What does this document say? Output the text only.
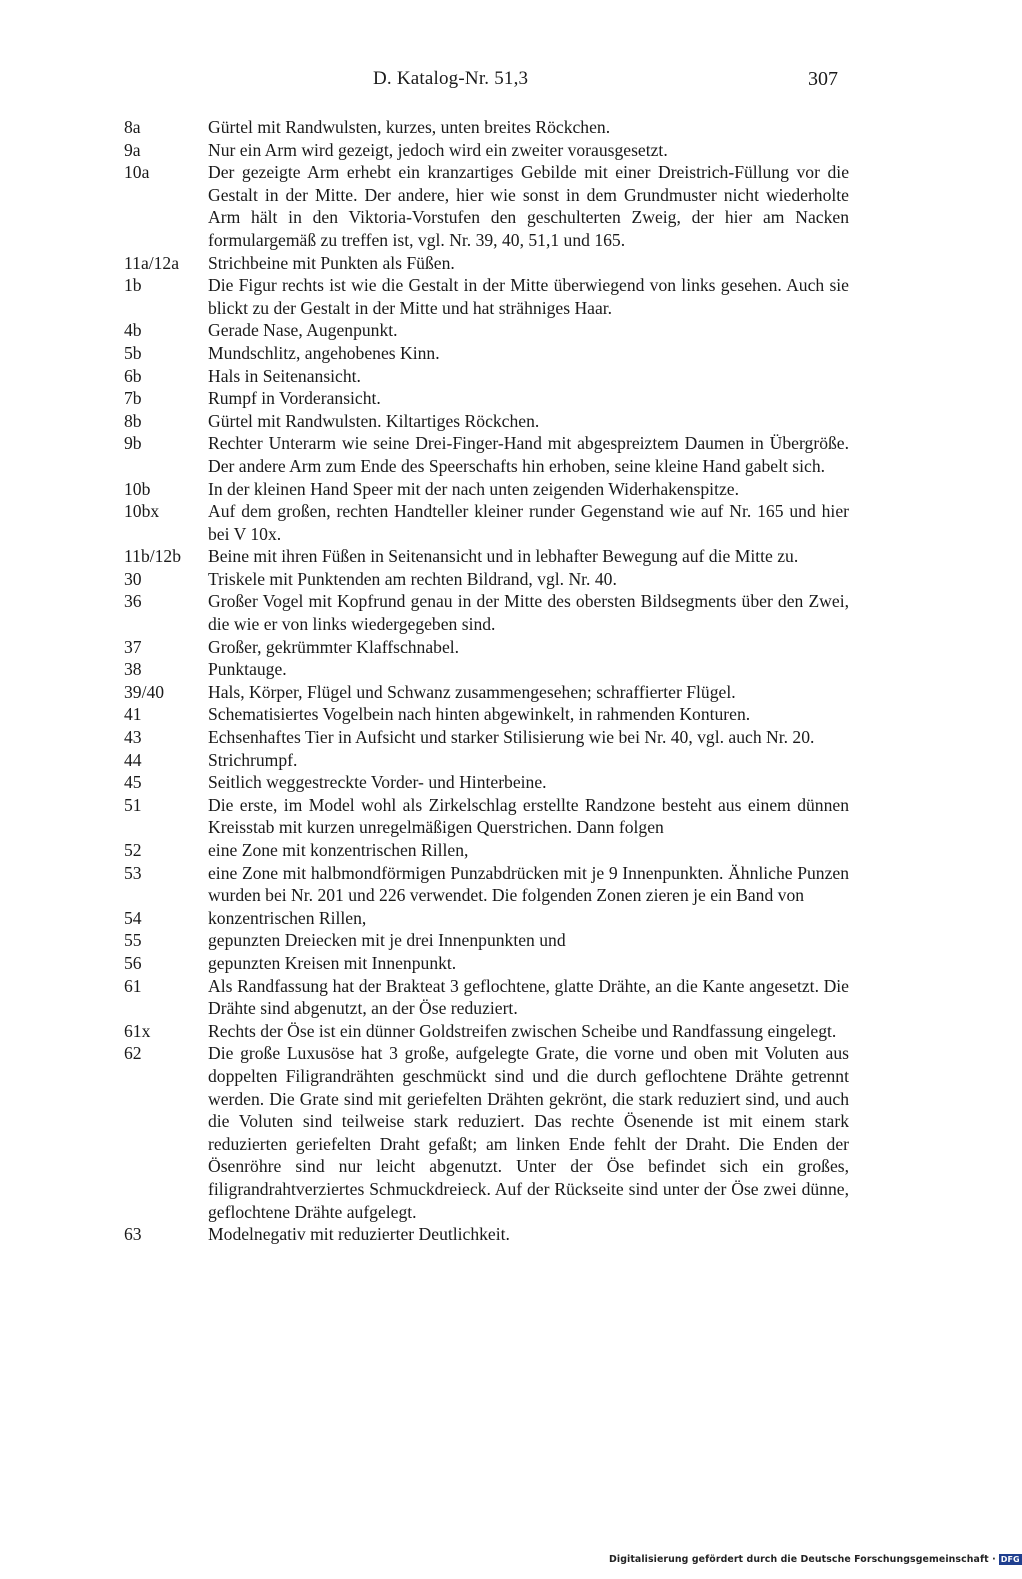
D. Katalog-Nr. 51,3	307
8a	Gürtel mit Randwulsten, kurzes, unten breites Röckchen.
9a	Nur ein Arm wird gezeigt, jedoch wird ein zweiter vorausgesetzt.
10a	Der gezeigte Arm erhebt ein kranzartiges Gebilde mit einer Dreistrich-Füllung vor die Gestalt in der Mitte. Der andere, hier wie sonst in dem Grundmuster nicht wiederholte Arm hält in den Viktoria-Vorstufen den geschulterten Zweig, der hier am Nacken formulargemäß zu treffen ist, vgl. Nr. 39, 40, 51,1 und 165.
11a/12a	Strichbeine mit Punkten als Füßen.
1b	Die Figur rechts ist wie die Gestalt in der Mitte überwiegend von links gesehen. Auch sie blickt zu der Gestalt in der Mitte und hat strähniges Haar.
4b	Gerade Nase, Augenpunkt.
5b	Mundschlitz, angehobenes Kinn.
6b	Hals in Seitenansicht.
7b	Rumpf in Vorderansicht.
8b	Gürtel mit Randwulsten. Kiltartiges Röckchen.
9b	Rechter Unterarm wie seine Drei-Finger-Hand mit abgespreiztem Daumen in Übergröße. Der andere Arm zum Ende des Speerschafts hin erhoben, seine kleine Hand gabelt sich.
10b	In der kleinen Hand Speer mit der nach unten zeigenden Widerhakenspitze.
10bx	Auf dem großen, rechten Handteller kleiner runder Gegenstand wie auf Nr. 165 und hier bei V 10x.
11b/12b	Beine mit ihren Füßen in Seitenansicht und in lebhafter Bewegung auf die Mitte zu.
30	Triskele mit Punktenden am rechten Bildrand, vgl. Nr. 40.
36	Großer Vogel mit Kopfrund genau in der Mitte des obersten Bildsegments über den Zwei, die wie er von links wiedergegeben sind.
37	Großer, gekrümmter Klaffschnabel.
38	Punktauge.
39/40	Hals, Körper, Flügel und Schwanz zusammengesehen; schraffierter Flügel.
41	Schematisiertes Vogelbein nach hinten abgewinkelt, in rahmenden Konturen.
43	Echsenhaftes Tier in Aufsicht und starker Stilisierung wie bei Nr. 40, vgl. auch Nr. 20.
44	Strichrumpf.
45	Seitlich weggestreckte Vorder- und Hinterbeine.
51	Die erste, im Model wohl als Zirkelschlag erstellte Randzone besteht aus einem dünnen Kreisstab mit kurzen unregelmäßigen Querstrichen. Dann folgen
52	eine Zone mit konzentrischen Rillen,
53	eine Zone mit halbmondförmigen Punzabdrücken mit je 9 Innenpunkten. Ähnliche Punzen wurden bei Nr. 201 und 226 verwendet. Die folgenden Zonen zieren je ein Band von
54	konzentrischen Rillen,
55	gepunzten Dreiecken mit je drei Innenpunkten und
56	gepunzten Kreisen mit Innenpunkt.
61	Als Randfassung hat der Brakteat 3 geflochtene, glatte Drähte, an die Kante angesetzt. Die Drähte sind abgenutzt, an der Öse reduziert.
61x	Rechts der Öse ist ein dünner Goldstreifen zwischen Scheibe und Randfassung eingelegt.
62	Die große Luxusöse hat 3 große, aufgelegte Grate, die vorne und oben mit Voluten aus doppelten Filigrandrähten geschmückt sind und die durch geflochtene Drähte getrennt werden. Die Grate sind mit geriefelten Drähten gekrönt, die stark reduziert sind, und auch die Voluten sind teilweise stark reduziert. Das rechte Ösenende ist mit einem stark reduzierten geriefelten Draht gefaßt; am linken Ende fehlt der Draht. Die Enden der Ösenröhre sind nur leicht abgenutzt. Unter der Öse befindet sich ein großes, filigrandrahtverziertes Schmuckdreieck. Auf der Rückseite sind unter der Öse zwei dünne, geflochtene Drähte aufgelegt.
63	Modelnegativ mit reduzierter Deutlichkeit.
Digitalisierung gefördert durch die Deutsche Forschungsgemeinschaft · DFG
